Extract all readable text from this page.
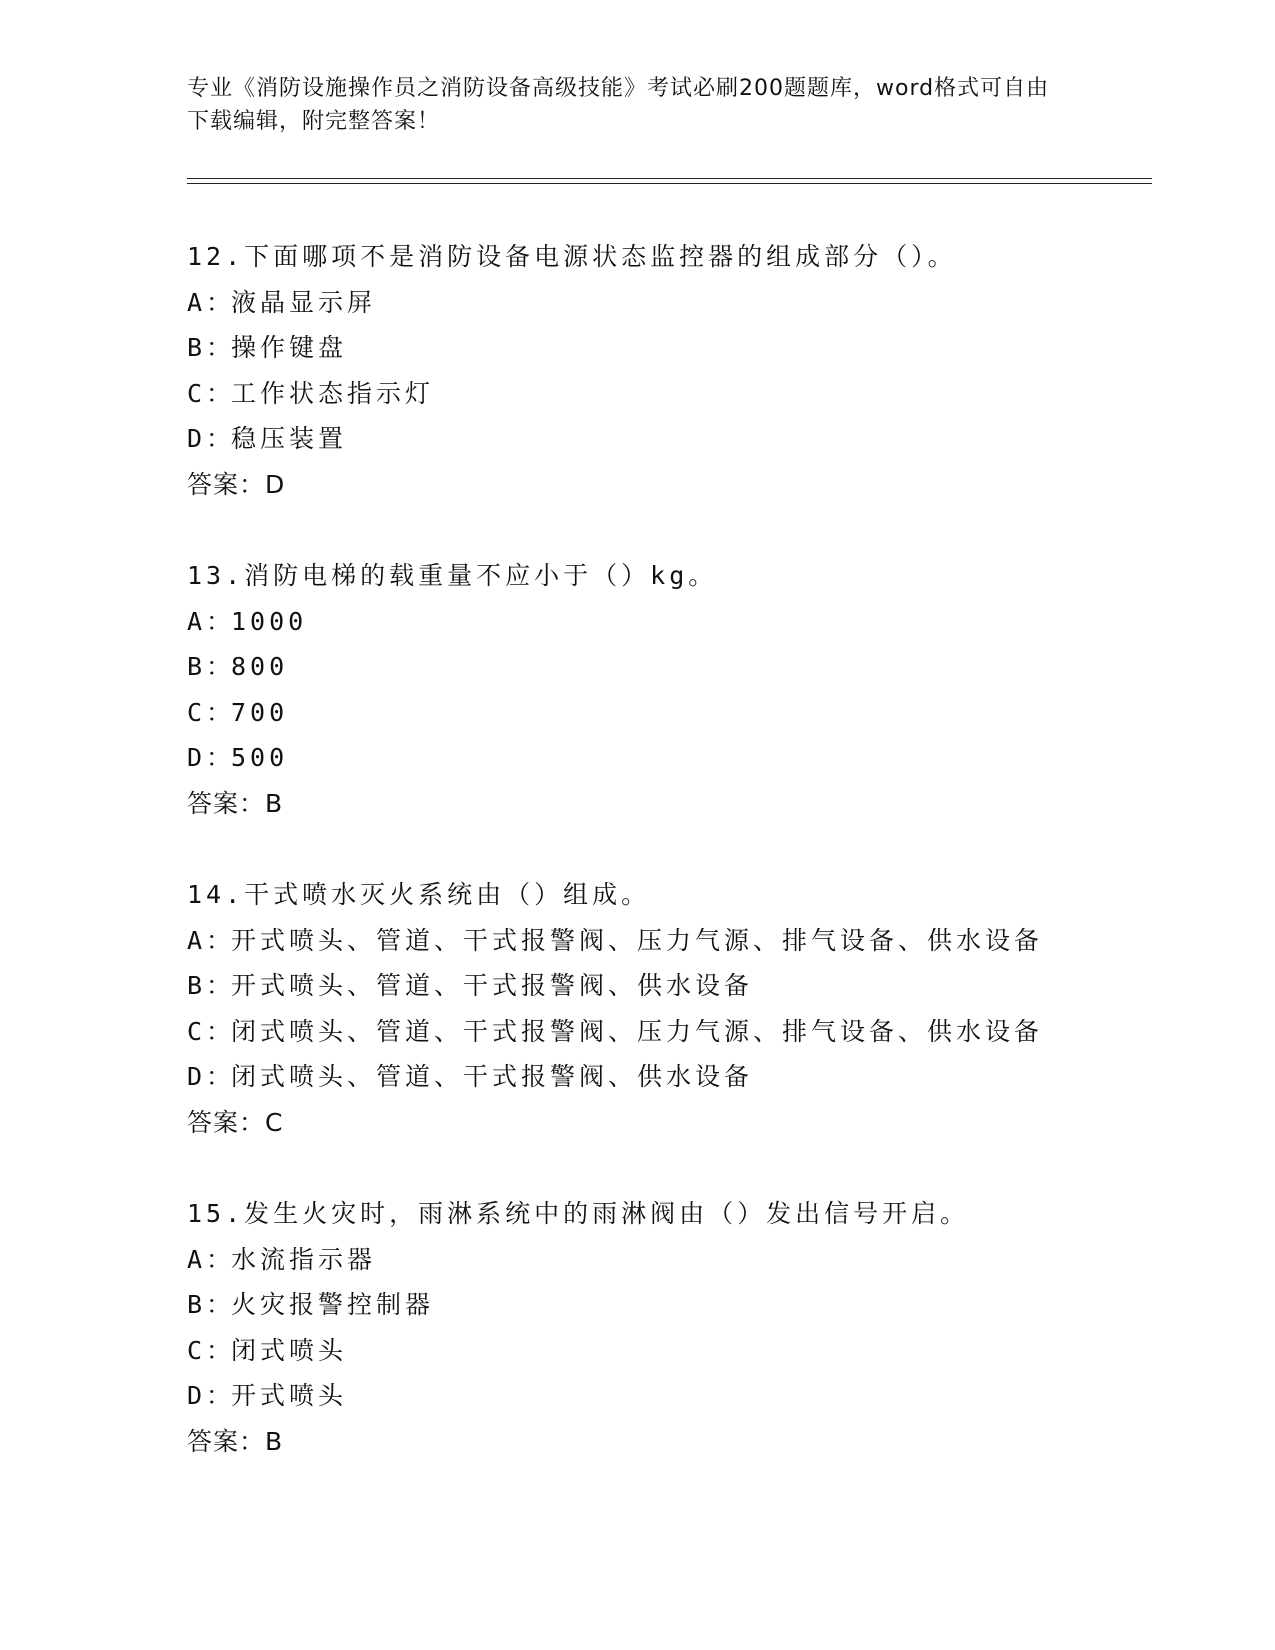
专业《消防设施操作员之消防设备高级技能》考试必刷200题题库，word格式可自由下载编辑，附完整答案！
12.下面哪项不是消防设备电源状态监控器的组成部分（）。
A：液晶显示屏
B：操作键盘
C：工作状态指示灯
D：稳压装置
答案：D
13.消防电梯的载重量不应小于（）kg。
A：1000
B：800
C：700
D：500
答案：B
14.干式喷水灭火系统由（）组成。
A：开式喷头、管道、干式报警阀、压力气源、排气设备、供水设备
B：开式喷头、管道、干式报警阀、供水设备
C：闭式喷头、管道、干式报警阀、压力气源、排气设备、供水设备
D：闭式喷头、管道、干式报警阀、供水设备
答案：C
15.发生火灾时，雨淋系统中的雨淋阀由（）发出信号开启。
A：水流指示器
B：火灾报警控制器
C：闭式喷头
D：开式喷头
答案：B
